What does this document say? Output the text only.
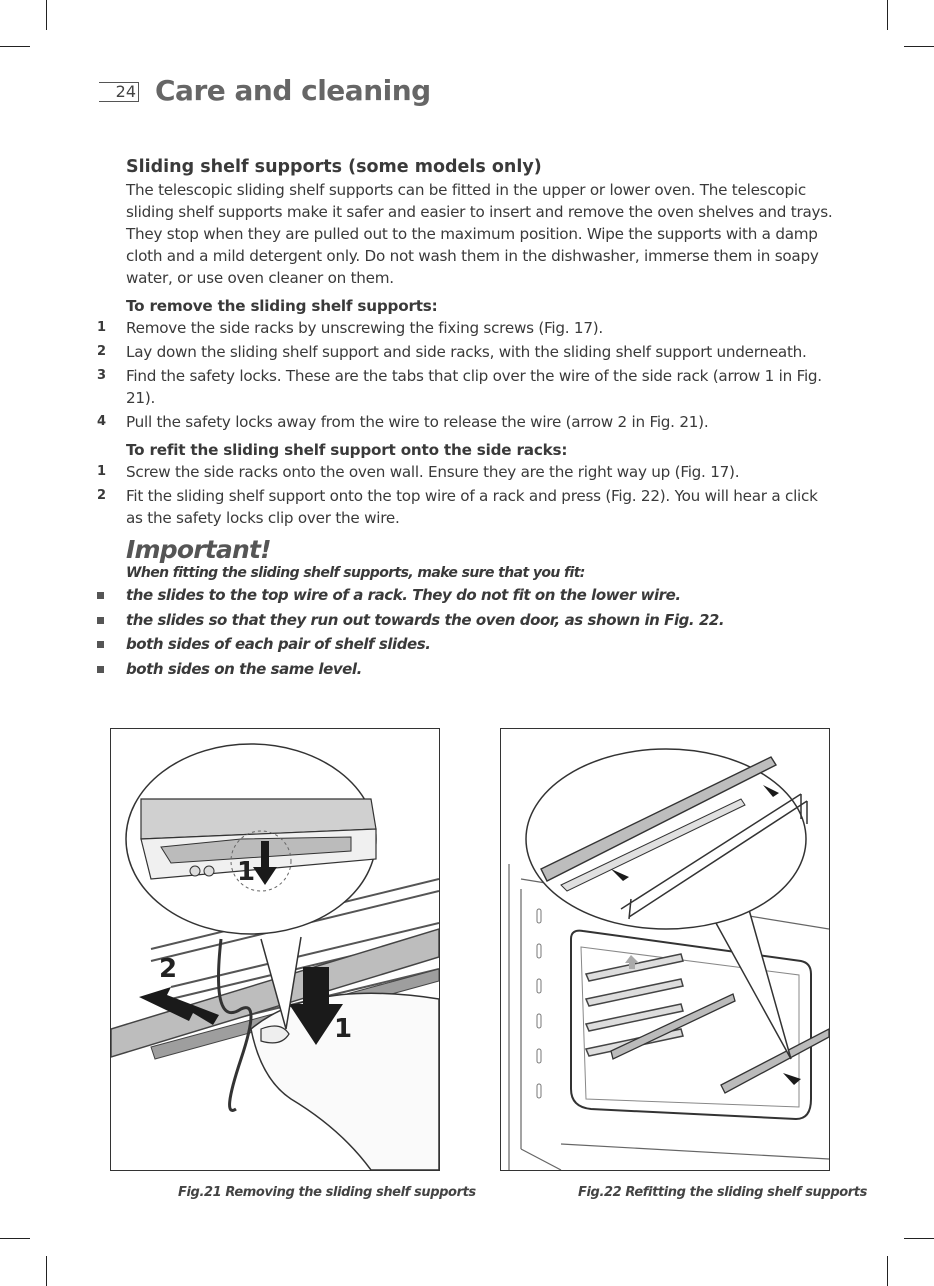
24 Care and cleaning
Sliding shelf supports (some models only)

The telescopic sliding shelf supports can be fitted in the upper or lower oven. The telescopic sliding shelf supports make it safer and easier to insert and remove the oven shelves and trays. They stop when they are pulled out to the maximum position. Wipe the supports with a damp cloth and a mild detergent only. Do not wash them in the dishwasher, immerse them in soapy water, or use oven cleaner on them.

To remove the sliding shelf supports:
1 Remove the side racks by unscrewing the fixing screws (Fig. 17).
2 Lay down the sliding shelf support and side racks, with the sliding shelf support underneath.
3 Find the safety locks. These are the tabs that clip over the wire of the side rack (arrow 1 in Fig. 21).
4 Pull the safety locks away from the wire to release the wire (arrow 2 in Fig. 21).
To refit the sliding shelf support onto the side racks:
1 Screw the side racks onto the oven wall. Ensure they are the right way up (Fig. 17).
2 Fit the sliding shelf support onto the top wire of a rack and press (Fig. 22). You will hear a click as the safety locks clip over the wire.
Important!
When fitting the sliding shelf supports, make sure that you fit:
the slides to the top wire of a rack. They do not fit on the lower wire.
the slides so that they run out towards the oven door, as shown in Fig. 22.
both sides of each pair of shelf slides.
both sides on the same level.
1
1
2
Fig.21 Removing the sliding shelf supports	Fig.22 Refitting the sliding shelf supports
